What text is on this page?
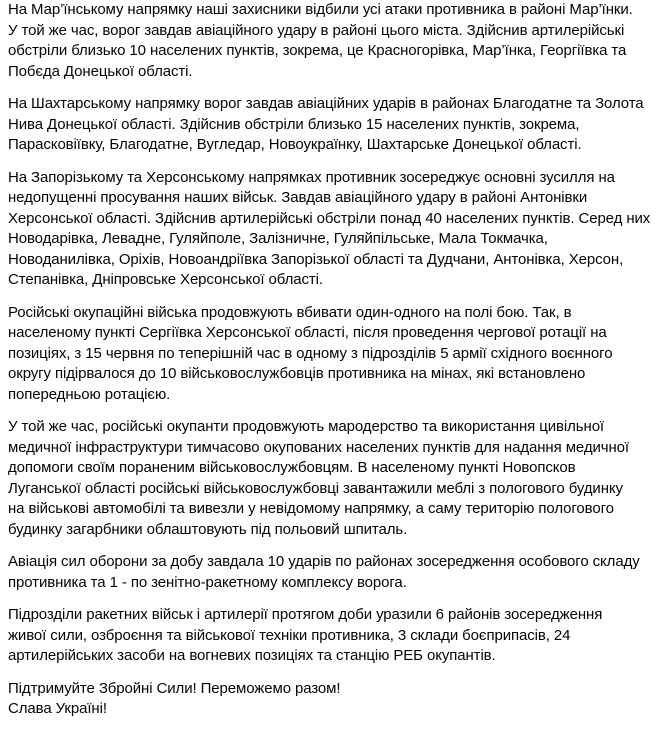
На Мар’їнському напрямку наші захисники відбили усі атаки противника в районі Мар’їнки.
У той же час, ворог завдав авіаційного удару в районі цього міста. Здійснив артилерійські
обстріли близько 10 населених пунктів, зокрема, це Красногорівка, Мар’їнка, Георгіївка та
Побєда Донецької області.

На Шахтарському напрямку ворог завдав авіаційних ударів в районах Благодатне та Золота
Нива Донецької області. Здійснив обстріли близько 15 населених пунктів, зокрема,
Парасковіївку, Благодатне, Вугледар, Новоукраїнку, Шахтарське Донецької області.

На Запорізькому та Херсонському напрямках противник зосереджує основні зусилля на
недопущенні просування наших військ. Завдав авіаційного удару в районі Антонівки
Херсонської області. Здійснив артилерійські обстріли понад 40 населених пунктів. Серед них
Новодарівка, Левадне, Гуляйполе, Залізничне, Гуляйпільське, Мала Токмачка,
Новоданилівка, Оріхів, Новоандріївка Запорізької області та Дудчани, Антонівка, Херсон,
Степанівка, Дніпровське Херсонської області.

Російські окупаційні війська продовжують вбивати один-одного на полі бою. Так, в
населеному пункті Сергіївка Херсонської області, після проведення чергової ротації на
позиціях, з 15 червня по теперішній час в одному з підрозділів 5 армії східного воєнного
округу підірвалося до 10 військовослужбовців противника на мінах, які встановлено
попередньою ротацією.

У той же час, російські окупанти продовжують мародерство та використання цивільної
медичної інфраструктури тимчасово окупованих населених пунктів для надання медичної
допомоги своїм пораненим військовослужбовцям. В населеному пункті Новопсков
Луганської області російські військовослужбовці завантажили меблі з пологового будинку
на військові автомобілі та вивезли у невідомому напрямку, а саму територію пологового
будинку загарбники облаштовують під польовий шпиталь.

Авіація сил оборони за добу завдала 10 ударів по районах зосередження особового складу
противника та 1 - по зенітно-ракетному комплексу ворога.

Підрозділи ракетних військ і артилерії протягом доби уразили 6 районів зосередження
живої сили, озброєння та військової техніки противника, 3 склади боєприпасів, 24
артилерійських засоби на вогневих позиціях та станцію РЕБ окупантів.

Підтримуйте Збройні Сили! Переможемо разом!
Слава Україні!
